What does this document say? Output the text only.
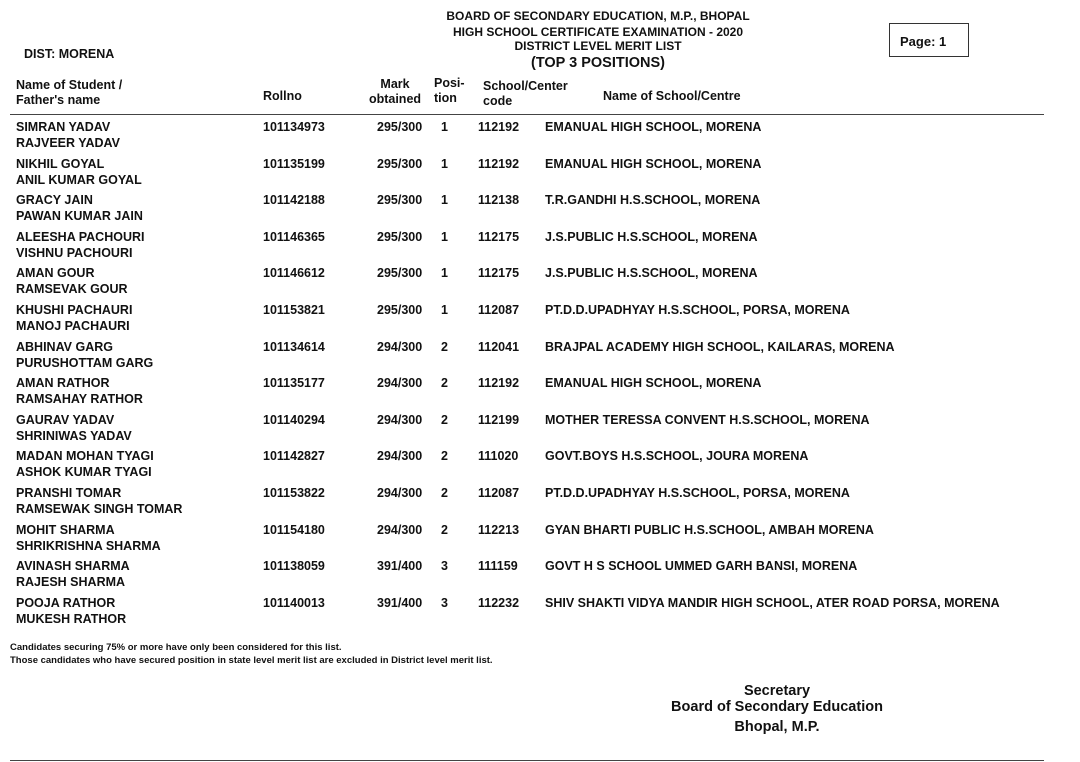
BOARD OF SECONDARY EDUCATION, M.P., BHOPAL
HIGH SCHOOL CERTIFICATE EXAMINATION - 2020
DISTRICT LEVEL MERIT LIST
(TOP 3 POSITIONS)
DIST: MORENA
Page: 1
Name of Student /
Father's name	Rollno
Mark
obtained
Posi-
tion
School/Center
code	Name of School/Centre
SIMRAN YADAV
RAJVEER YADAV
101134973	295/300 1 112192 EMANUAL HIGH SCHOOL, MORENA
NIKHIL GOYAL
ANIL KUMAR GOYAL
101135199	295/300 1 112192 EMANUAL HIGH SCHOOL, MORENA
GRACY JAIN
PAWAN KUMAR JAIN
101142188	295/300 1 112138 T.R.GANDHI H.S.SCHOOL, MORENA
ALEESHA PACHOURI
VISHNU PACHOURI
101146365	295/300 1 112175 J.S.PUBLIC H.S.SCHOOL, MORENA
AMAN GOUR
RAMSEVAK GOUR
101146612	295/300 1 112175 J.S.PUBLIC H.S.SCHOOL, MORENA
KHUSHI PACHAURI
MANOJ PACHAURI
101153821	295/300 1 112087 PT.D.D.UPADHYAY H.S.SCHOOL, PORSA, MORENA
ABHINAV GARG
PURUSHOTTAM GARG
101134614	294/300 2 112041 BRAJPAL ACADEMY HIGH SCHOOL, KAILARAS, MORENA
AMAN RATHOR
RAMSAHAY RATHOR
101135177	294/300 2 112192 EMANUAL HIGH SCHOOL, MORENA
GAURAV YADAV
SHRINIWAS YADAV
101140294	294/300 2 112199 MOTHER TERESSA CONVENT H.S.SCHOOL, MORENA
MADAN MOHAN TYAGI
ASHOK KUMAR TYAGI
101142827	294/300 2 111020 GOVT.BOYS H.S.SCHOOL, JOURA MORENA
PRANSHI TOMAR
RAMSEWAK SINGH TOMAR
101153822	294/300 2 112087 PT.D.D.UPADHYAY H.S.SCHOOL, PORSA, MORENA
MOHIT SHARMA
SHRIKRISHNA SHARMA
101154180	294/300 2 112213 GYAN BHARTI PUBLIC H.S.SCHOOL, AMBAH MORENA
AVINASH SHARMA
RAJESH SHARMA
101138059	391/400 3 111159 GOVT H S SCHOOL UMMED GARH BANSI, MORENA
POOJA RATHOR
MUKESH RATHOR
101140013	391/400 3 112232 SHIV SHAKTI VIDYA MANDIR HIGH SCHOOL, ATER ROAD PORSA, MORENA
Candidates securing 75% or more have only been considered for this list.
Those candidates who have secured position in state level merit list are excluded in District level merit list.
Secretary
Board of Secondary Education
Bhopal, M.P.
